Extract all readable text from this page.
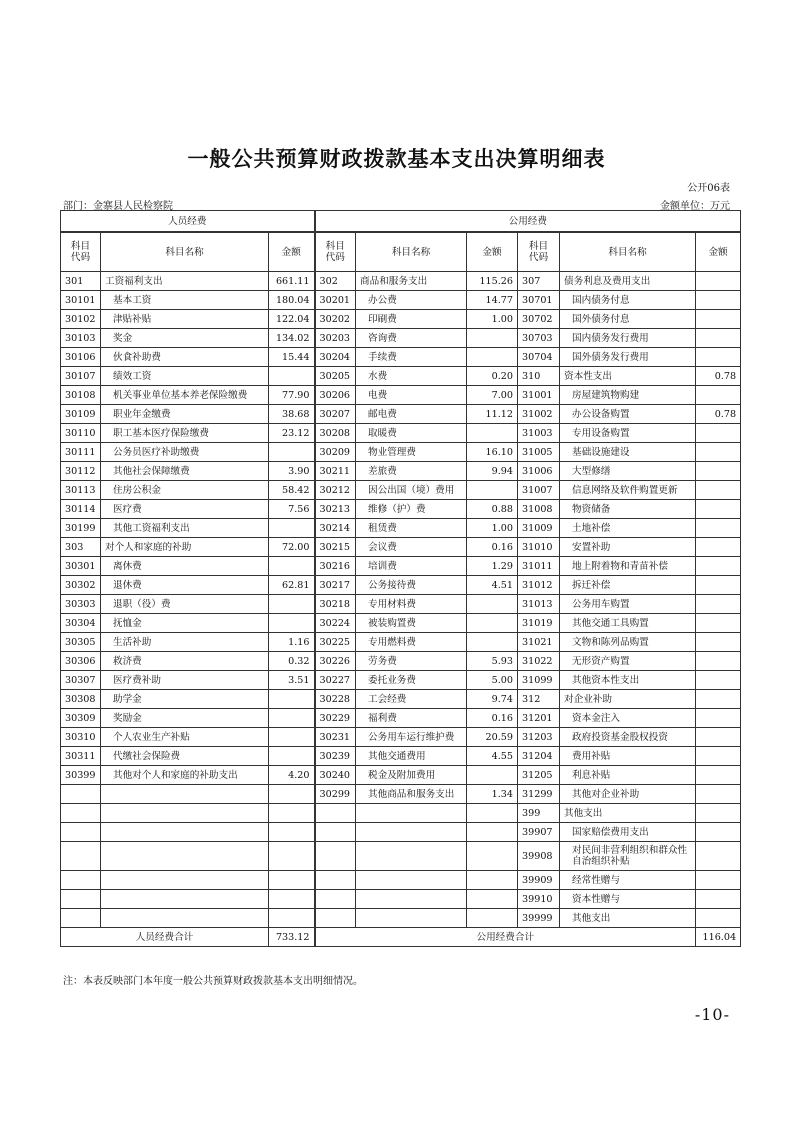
一般公共预算财政拨款基本支出决算明细表
公开06表
部门：金寨县人民检察院	金额单位：万元
人员经费			公用经费					
科目
代码	科目名称	金额	科目
代码	科目名称	金额	科目
代码	科目名称	金额
301	工资福利支出	661.11	302	商品和服务支出	115.26	307	债务利息及费用支出	
30101	基本工资	180.04	30201	办公费	14.77	30701	国内债务付息	
30102	津贴补贴	122.04	30202	印刷费	1.00	30702	国外债务付息	
30103	奖金	134.02	30203	咨询费		30703	国内债务发行费用	
30106	伙食补助费	15.44	30204	手续费		30704	国外债务发行费用	
30107	绩效工资		30205	水费	0.20	310	资本性支出	0.78
30108	机关事业单位基本养老保险缴费	77.90	30206	电费	7.00	31001	房屋建筑物购建	
30109	职业年金缴费	38.68	30207	邮电费	11.12	31002	办公设备购置	0.78
30110	职工基本医疗保险缴费	23.12	30208	取暖费		31003	专用设备购置	
30111	公务员医疗补助缴费		30209	物业管理费	16.10	31005	基础设施建设	
30112	其他社会保障缴费	3.90	30211	差旅费	9.94	31006	大型修缮	
30113	住房公积金	58.42	30212	因公出国（境）费用		31007	信息网络及软件购置更新	
30114	医疗费	7.56	30213	维修（护）费	0.88	31008	物资储备	
30199	其他工资福利支出		30214	租赁费	1.00	31009	土地补偿	
303	对个人和家庭的补助	72.00	30215	会议费	0.16	31010	安置补助	
30301	离休费		30216	培训费	1.29	31011	地上附着物和青苗补偿	
30302	退休费	62.81	30217	公务接待费	4.51	31012	拆迁补偿	
30303	退职（役）费		30218	专用材料费		31013	公务用车购置	
30304	抚恤金		30224	被装购置费		31019	其他交通工具购置	
30305	生活补助	1.16	30225	专用燃料费		31021	文物和陈列品购置	
30306	救济费	0.32	30226	劳务费	5.93	31022	无形资产购置	
30307	医疗费补助	3.51	30227	委托业务费	5.00	31099	其他资本性支出	
30308	助学金		30228	工会经费	9.74	312	对企业补助	
30309	奖励金		30229	福利费	0.16	31201	资本金注入	
30310	个人农业生产补贴		30231	公务用车运行维护费	20.59	31203	政府投资基金股权投资	
30311	代缴社会保险费		30239	其他交通费用	4.55	31204	费用补贴	
30399	其他对个人和家庭的补助支出	4.20	30240	税金及附加费用		31205	利息补贴	
			30299	其他商品和服务支出	1.34	31299	其他对企业补助	
						399	其他支出	
						39907	国家赔偿费用支出	
						39908	对民间非营利组织和群众性自治组织补贴	
						39909	经常性赠与	
						39910	资本性赠与	
						39999	其他支出	
人员经费合计		733.12	公用经费合计					116.04
注：本表反映部门本年度一般公共预算财政拨款基本支出明细情况。
-10-
